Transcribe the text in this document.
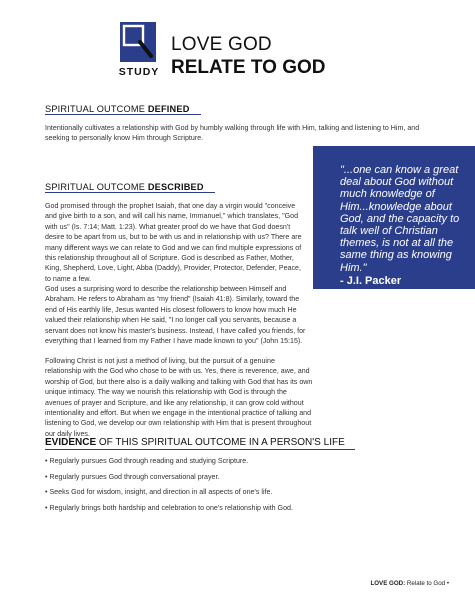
STUDY
LOVE GOD
RELATE TO GOD
SPIRITUAL OUTCOME DEFINED
Intentionally cultivates a relationship with God by humbly walking through life with Him, talking and listening to Him, and seeking to personally know Him through Scripture.
SPIRITUAL OUTCOME DESCRIBED
God promised through the prophet Isaiah, that one day a virgin would "conceive and give birth to a son, and will call his name, Immanuel," which translates, "God with us" (Is. 7:14; Matt. 1:23). What greater proof do we have that God doesn't desire to be apart from us, but to be with us and in relationship with us? There are many different ways we can relate to God and we can find multiple expressions of this relationship throughout all of Scripture. God is described as Father, Mother, King, Shepherd, Love, Light, Abba (Daddy), Provider, Protector, Defender, Peace, to name a few.
God uses a surprising word to describe the relationship between Himself and Abraham. He refers to Abraham as “my friend” (Isaiah 41:8). Similarly, toward the end of His earthly life, Jesus wanted His closest followers to know how much He valued their relationship when He said, "I no longer call you servants, because a servant does not know his master's business. Instead, I have called you friends, for everything that I learned from my Father I have made known to you" (John 15:15).
Following Christ is not just a method of living, but the pursuit of a genuine relationship with the God who chose to be with us. Yes, there is reverence, awe, and worship of God, but there also is a daily walking and talking with God that has its own unique intimacy. The way we nourish this relationship with God is through the avenues of prayer and Scripture, and like any relationship, it can grow cold without intentionality and effort. But when we engage in the intentional practice of talking and listening to God, we develop our own relationship with Him that is present throughout our daily lives.
"...one can know a great deal about God without much knowledge of Him...knowledge about God, and the capacity to talk well of Christian themes, is not at all the same thing as knowing Him."
- J.I. Packer
EVIDENCE OF THIS SPIRITUAL OUTCOME IN A PERSON'S LIFE
• Regularly pursues God through reading and studying Scripture.
• Regularly pursues God through conversational prayer.
• Seeks God for wisdom, insight, and direction in all aspects of one's life.
• Regularly brings both hardship and celebration to one's relationship with God.
LOVE GOD: Relate to God •
